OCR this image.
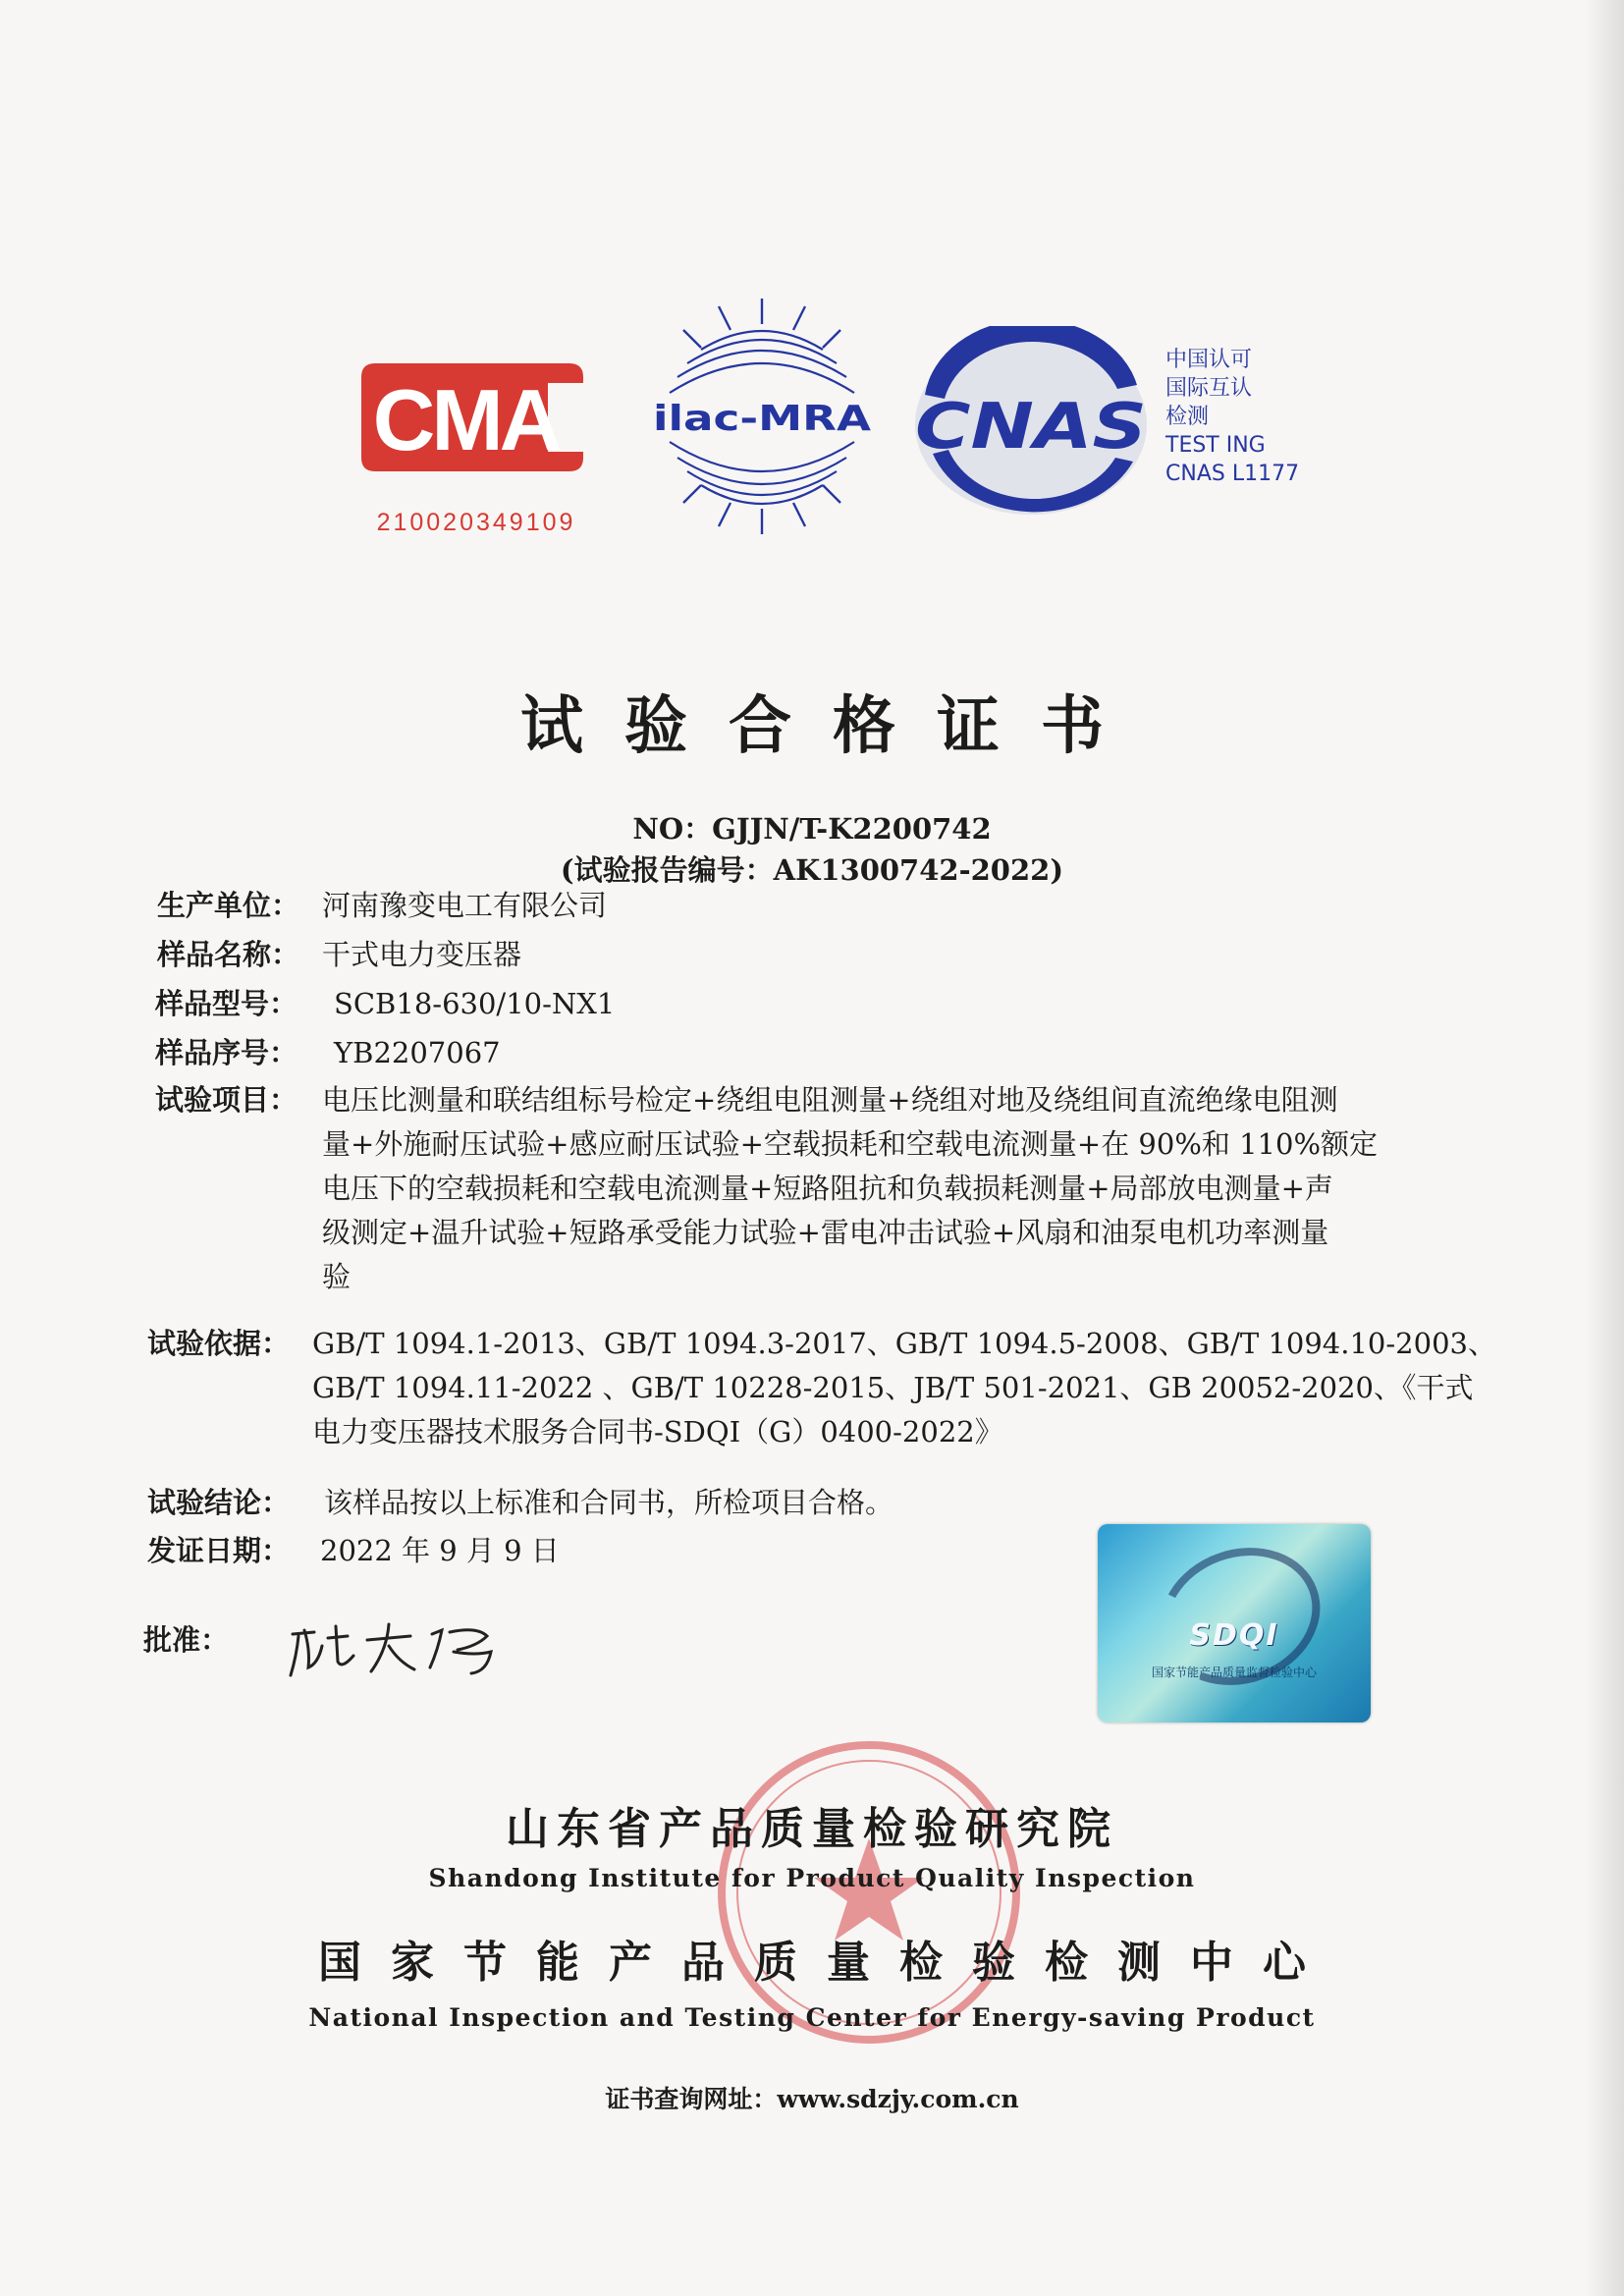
CMA
210020349109
ilac-MRA CNAS
中国认可
国际互认
检测
TEST ING
CNAS L1177
试验合格证书
NO：GJJN/T-K2200742
(试验报告编号：AK1300742-2022)
生产单位： 河南豫变电工有限公司
样品名称： 干式电力变压器
样品型号： SCB18-630/10-NX1
样品序号： YB2207067
试验项目： 电压比测量和联结组标号检定+绕组电阻测量+绕组对地及绕组间直流绝缘电阻测
量+外施耐压试验+感应耐压试验+空载损耗和空载电流测量+在 90%和 110%额定
电压下的空载损耗和空载电流测量+短路阻抗和负载损耗测量+局部放电测量+声
级测定+温升试验+短路承受能力试验+雷电冲击试验+风扇和油泵电机功率测量
验
试验依据： GB/T 1094.1-2013、GB/T 1094.3-2017、GB/T 1094.5-2008、GB/T 1094.10-2003、
GB/T 1094.11-2022 、GB/T 10228-2015、JB/T 501-2021、GB 20052-2020、《干式
电力变压器技术服务合同书-SDQI（G）0400-2022》
试验结论： 该样品按以上标准和合同书，所检项目合格。
发证日期： 2022 年 9 月 9 日
批准：	SDQI
国家节能产品质量监督检验中心
山东省产品质量检验研究院
Shandong Institute for Product Quality Inspection
国家节能产品质量检验检测中心
National Inspection and Testing Center for Energy-saving Product
证书查询网址：www.sdzjy.com.cn
